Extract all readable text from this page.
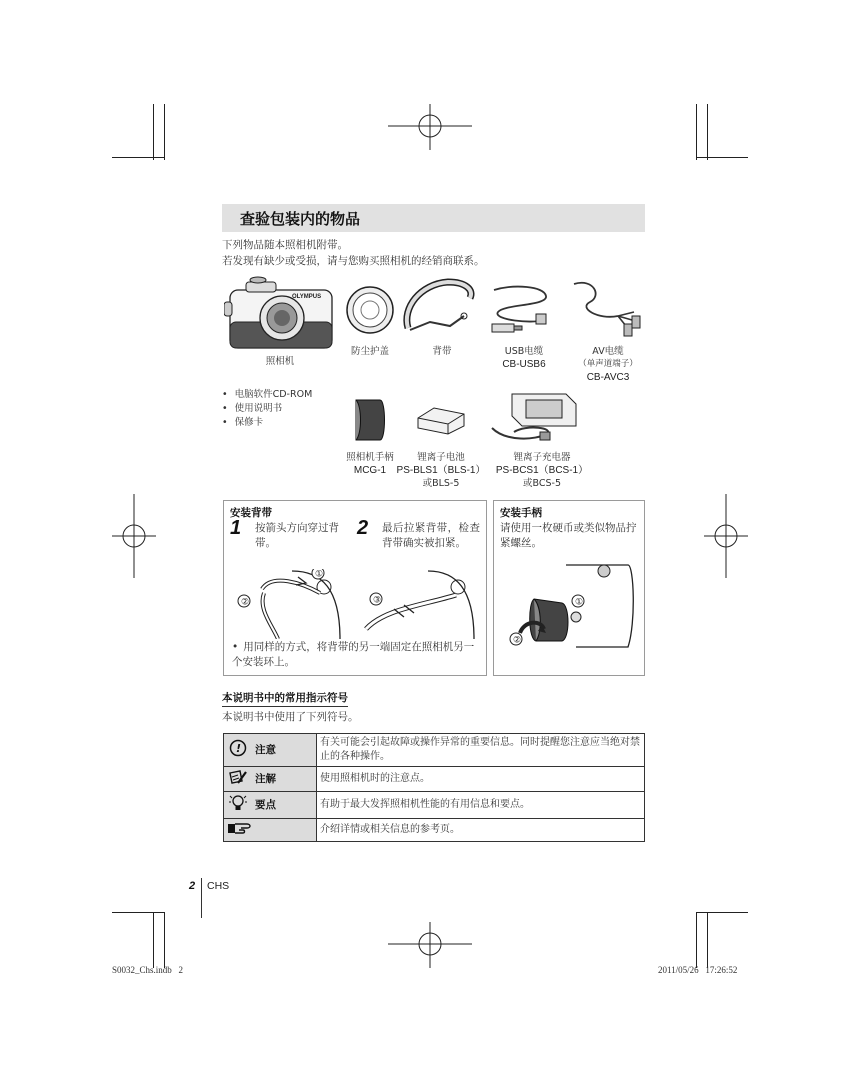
查验包装内的物品
下列物品随本照相机附带。
若发现有缺少或受损，请与您购买照相机的经销商联系。
OLYMPUS
照相机
防尘护盖	背带	USB电缆
CB-USB6
AV电缆
（单声道端子）
CB-AVC3
• 电脑软件CD-ROM
• 使用说明书
• 保修卡
照相机手柄
MCG-1
锂离子电池
PS-BLS1（BLS-1）
或BLS-5
锂离子充电器
PS-BCS1（BCS-1）
或BCS-5
安装背带
1 按箭头方向穿过背带。
2 最后拉紧背带，检查背带确实被扣紧。
①
②	③
• 用同样的方式，将背带的另一端固定在照相机另一个安装环上。
安装手柄
请使用一枚硬币或类似物品拧紧螺丝。
①
②
本说明书中的常用指示符号
本说明书中使用了下列符号。
! 注意	有关可能会引起故障或操作异常的重要信息。同时提醒您注意应当绝对禁止的各种操作。
注解	使用照相机时的注意点。
要点	有助于最大发挥照相机性能的有用信息和要点。
	介绍详情或相关信息的参考页。
2 CHS
S0032_Chs.indb   2	2011/05/26   17:26:52
